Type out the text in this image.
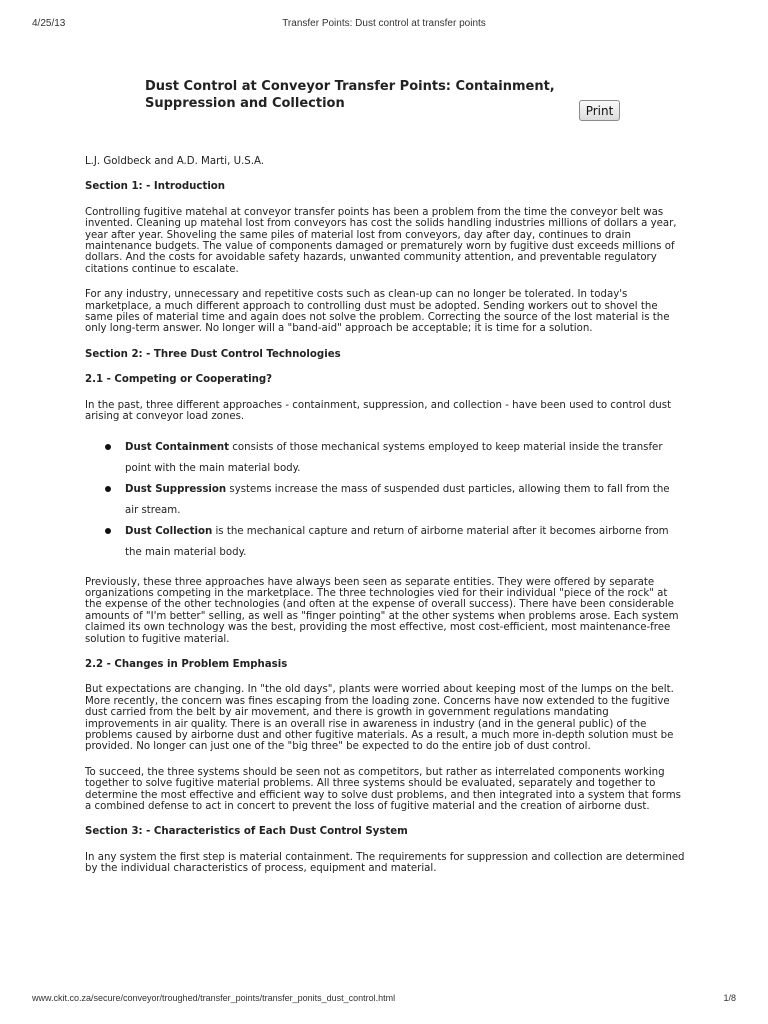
4/25/13	Transfer Points: Dust control at transfer points
Dust Control at Conveyor Transfer Points: Containment, Suppression and Collection	Print

L.J. Goldbeck and A.D. Marti, U.S.A.

Section 1: - Introduction

Controlling fugitive matehal at conveyor transfer points has been a problem from the time the conveyor belt was invented. Cleaning up matehal lost from conveyors has cost the solids handling industries millions of dollars a year, year after year. Shoveling the same piles of material lost from conveyors, day after day, continues to drain maintenance budgets. The value of components damaged or prematurely worn by fugitive dust exceeds millions of dollars. And the costs for avoidable safety hazards, unwanted community attention, and preventable regulatory citations continue to escalate.

For any industry, unnecessary and repetitive costs such as clean-up can no longer be tolerated. In today's marketplace, a much different approach to controlling dust must be adopted. Sending workers out to shovel the same piles of material time and again does not solve the problem. Correcting the source of the lost material is the only long-term answer. No longer will a "band-aid" approach be acceptable; it is time for a solution.

Section 2: - Three Dust Control Technologies
2.1 - Competing or Cooperating?

In the past, three different approaches - containment, suppression, and collection - have been used to control dust arising at conveyor load zones.

Dust Containment consists of those mechanical systems employed to keep material inside the transfer point with the main material body.
Dust Suppression systems increase the mass of suspended dust particles, allowing them to fall from the air stream.
Dust Collection is the mechanical capture and return of airborne material after it becomes airborne from the main material body.

Previously, these three approaches have always been seen as separate entities. They were offered by separate organizations competing in the marketplace. The three technologies vied for their individual "piece of the rock" at the expense of the other technologies (and often at the expense of overall success). There have been considerable amounts of "I'm better" selling, as well as "finger pointing" at the other systems when problems arose. Each system claimed its own technology was the best, providing the most effective, most cost-efficient, most maintenance-free solution to fugitive material.

2.2 - Changes in Problem Emphasis

But expectations are changing. In "the old days", plants were worried about keeping most of the lumps on the belt. More recently, the concern was fines escaping from the loading zone. Concerns have now extended to the fugitive dust carried from the belt by air movement, and there is growth in government regulations mandating improvements in air quality. There is an overall rise in awareness in industry (and in the general public) of the problems caused by airborne dust and other fugitive materials. As a result, a much more in-depth solution must be provided. No longer can just one of the "big three" be expected to do the entire job of dust control.

To succeed, the three systems should be seen not as competitors, but rather as interrelated components working together to solve fugitive material problems. All three systems should be evaluated, separately and together to determine the most effective and efficient way to solve dust problems, and then integrated into a system that forms a combined defense to act in concert to prevent the loss of fugitive material and the creation of airborne dust.

Section 3: - Characteristics of Each Dust Control System

In any system the first step is material containment. The requirements for suppression and collection are determined by the individual characteristics of process, equipment and material.

www.ckit.co.za/secure/conveyor/troughed/transfer_points/transfer_ponits_dust_control.html	1/8
